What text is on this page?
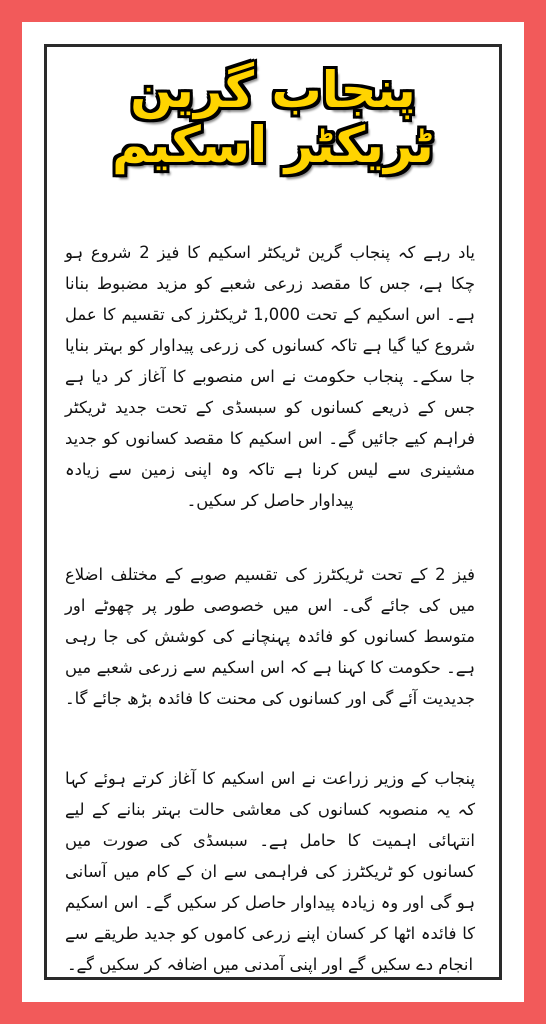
پنجاب گرین ٹریکٹر اسکیم

یاد رہے کہ پنجاب گرین ٹریکٹر اسکیم کا فیز 2 شروع ہو چکا ہے، جس کا مقصد زرعی شعبے کو مزید مضبوط بنانا ہے۔ اس اسکیم کے تحت 1,000 ٹریکٹرز کی تقسیم کا عمل شروع کیا گیا ہے تاکہ کسانوں کی زرعی پیداوار کو بہتر بنایا جا سکے۔ پنجاب حکومت نے اس منصوبے کا آغاز کر دیا ہے جس کے ذریعے کسانوں کو سبسڈی کے تحت جدید ٹریکٹر فراہم کیے جائیں گے۔ اس اسکیم کا مقصد کسانوں کو جدید مشینری سے لیس کرنا ہے تاکہ وہ اپنی زمین سے زیادہ پیداوار حاصل کر سکیں۔

فیز 2 کے تحت ٹریکٹرز کی تقسیم صوبے کے مختلف اضلاع میں کی جائے گی۔ اس میں خصوصی طور پر چھوٹے اور متوسط کسانوں کو فائدہ پہنچانے کی کوشش کی جا رہی ہے۔ حکومت کا کہنا ہے کہ اس اسکیم سے زرعی شعبے میں جدیدیت آئے گی اور کسانوں کی محنت کا فائدہ بڑھ جائے گا۔

پنجاب کے وزیر زراعت نے اس اسکیم کا آغاز کرتے ہوئے کہا کہ یہ منصوبہ کسانوں کی معاشی حالت بہتر بنانے کے لیے انتہائی اہمیت کا حامل ہے۔ سبسڈی کی صورت میں کسانوں کو ٹریکٹرز کی فراہمی سے ان کے کام میں آسانی ہو گی اور وہ زیادہ پیداوار حاصل کر سکیں گے۔ اس اسکیم کا فائدہ اٹھا کر کسان اپنے زرعی کاموں کو جدید طریقے سے انجام دے سکیں گے اور اپنی آمدنی میں اضافہ کر سکیں گے۔
